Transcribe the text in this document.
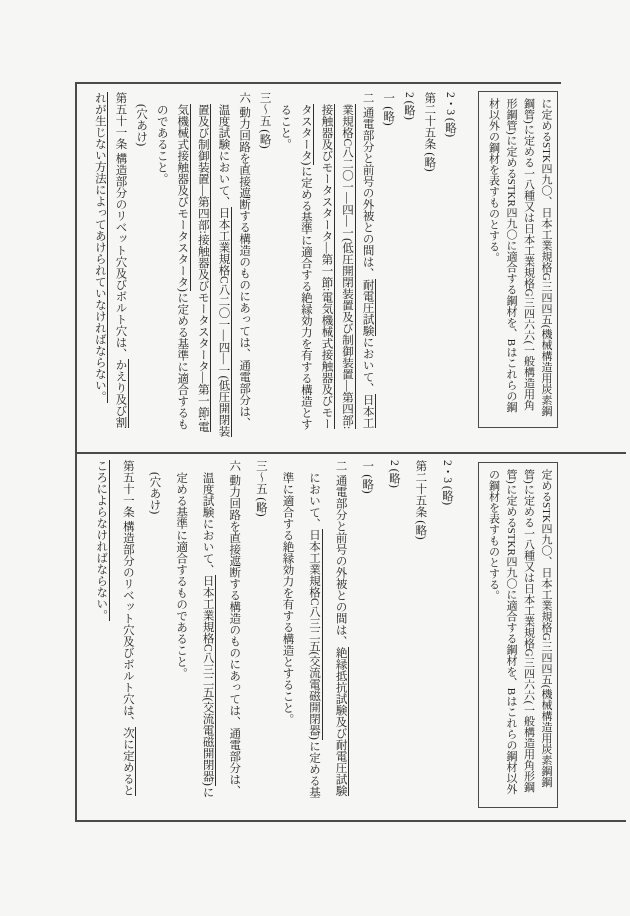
に定めるSTK四九〇、日本工業規格G三四四五(機械構造用炭素鋼鋼管)に定める一八種又は日本工業規格G三四六六(一般構造用角形鋼管)に定めるSTKR四九〇に適合する鋼材を、Bはこれらの鋼材以外の鋼材を表すものとする。

2・3 (略)

第二十五条 (略)

2 (略)

一 (略)

二 通電部分と前号の外被との間は、耐電圧試験において、日本工業規格C八二〇一—四—一(低圧開閉装置及び制御装置—第四部:接触器及びモータスタータ—第一節:電気機械式接触器及びモータスタータ)に定める基準に適合する絶縁効力を有する構造とすること。

三～五 (略)

六 動力回路を直接遮断する構造のものにあっては、通電部分は、温度試験において、日本工業規格C八二〇一—四—一(低圧開閉装置及び制御装置—第四部:接触器及びモータスタータ—第一節:電気機械式接触器及びモータスタータ)に定める基準に適合するものであること。

(穴あけ)

第五十一条 構造部分のリベット穴及びボルト穴は、かえり及び割れが生じない方法によってあけられていなければならない。

定めるSTK四九〇、日本工業規格G三四四五(機械構造用炭素鋼鋼管)に定める一八種又は日本工業規格G三四六六(一般構造用角形鋼管)に定めるSTKR四九〇に適合する鋼材を、Bはこれらの鋼材以外の鋼材を表すものとする。

2・3 (略)

第二十五条 (略)

2 (略)

一 (略)

二 通電部分と前号の外被との間は、絶縁抵抗試験及び耐電圧試験において、日本工業規格C八三二五(交流電磁開閉器)に定める基準に適合する絶縁効力を有する構造とすること。

三～五 (略)

六 動力回路を直接遮断する構造のものにあっては、通電部分は、温度試験において、日本工業規格C八三二五(交流電磁開閉器)に定める基準に適合するものであること。

(穴あけ)

第五十一条 構造部分のリベット穴及びボルト穴は、次に定めるところによらなければならない。
